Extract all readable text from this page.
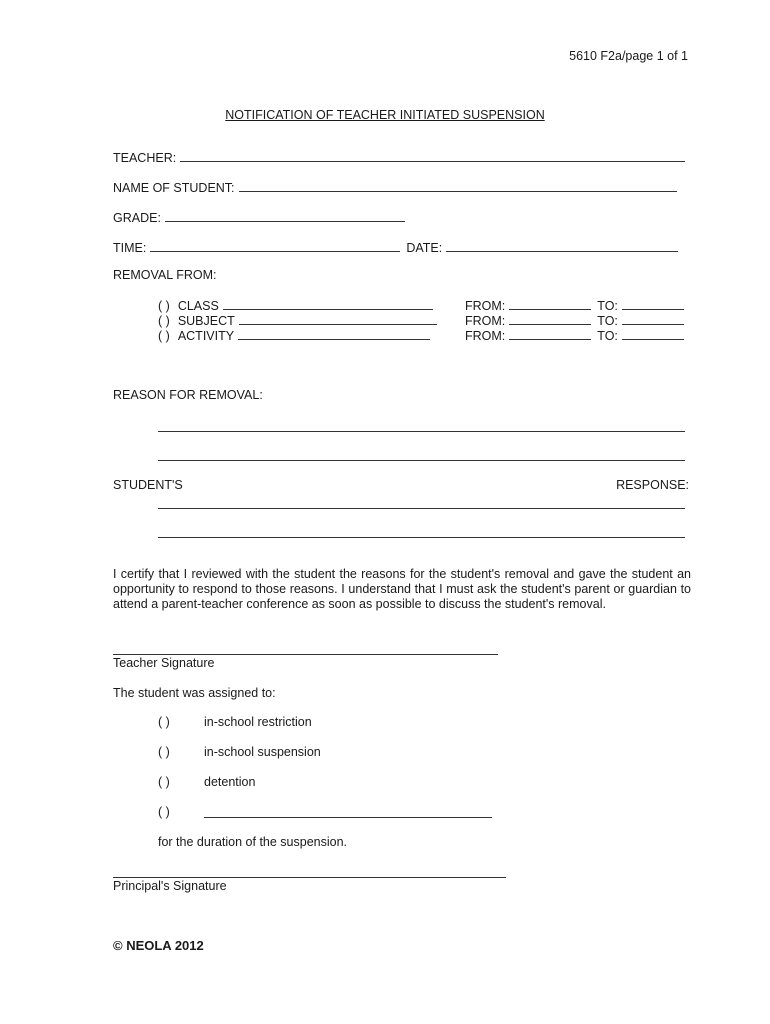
5610 F2a/page 1 of 1
NOTIFICATION OF TEACHER INITIATED SUSPENSION
TEACHER:
NAME OF STUDENT:
GRADE:
TIME:	DATE:
REMOVAL FROM:
( ) CLASS	FROM:	TO:
( ) SUBJECT	FROM:	TO:
( ) ACTIVITY	FROM:	TO:
REASON FOR REMOVAL:
STUDENT'S	RESPONSE:
I certify that I reviewed with the student the reasons for the student's removal and gave the student an opportunity to respond to those reasons. I understand that I must ask the student's parent or guardian to attend a parent-teacher conference as soon as possible to discuss the student's removal.
Teacher Signature
The student was assigned to:
( )	in-school restriction
( )	in-school suspension
( )	detention
( )
for the duration of the suspension.
Principal's Signature
© NEOLA 2012
